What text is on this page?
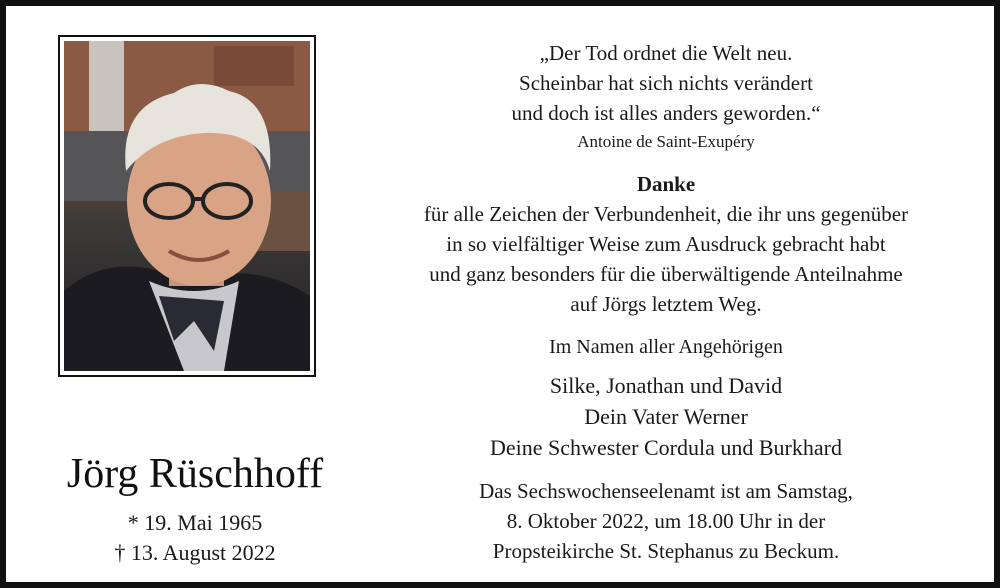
Jörg Rüschhoff
* 19. Mai 1965
† 13. August 2022
„Der Tod ordnet die Welt neu.
Scheinbar hat sich nichts verändert
und doch ist alles anders geworden.“
Antoine de Saint-Exupéry
Danke
für alle Zeichen der Verbundenheit, die ihr uns gegenüber
in so vielfältiger Weise zum Ausdruck gebracht habt
und ganz besonders für die überwältigende Anteilnahme
auf Jörgs letztem Weg.
Im Namen aller Angehörigen
Silke, Jonathan und David
Dein Vater Werner
Deine Schwester Cordula und Burkhard
Das Sechswochenseelenamt ist am Samstag,
8. Oktober 2022, um 18.00 Uhr in der
Propsteikirche St. Stephanus zu Beckum.
